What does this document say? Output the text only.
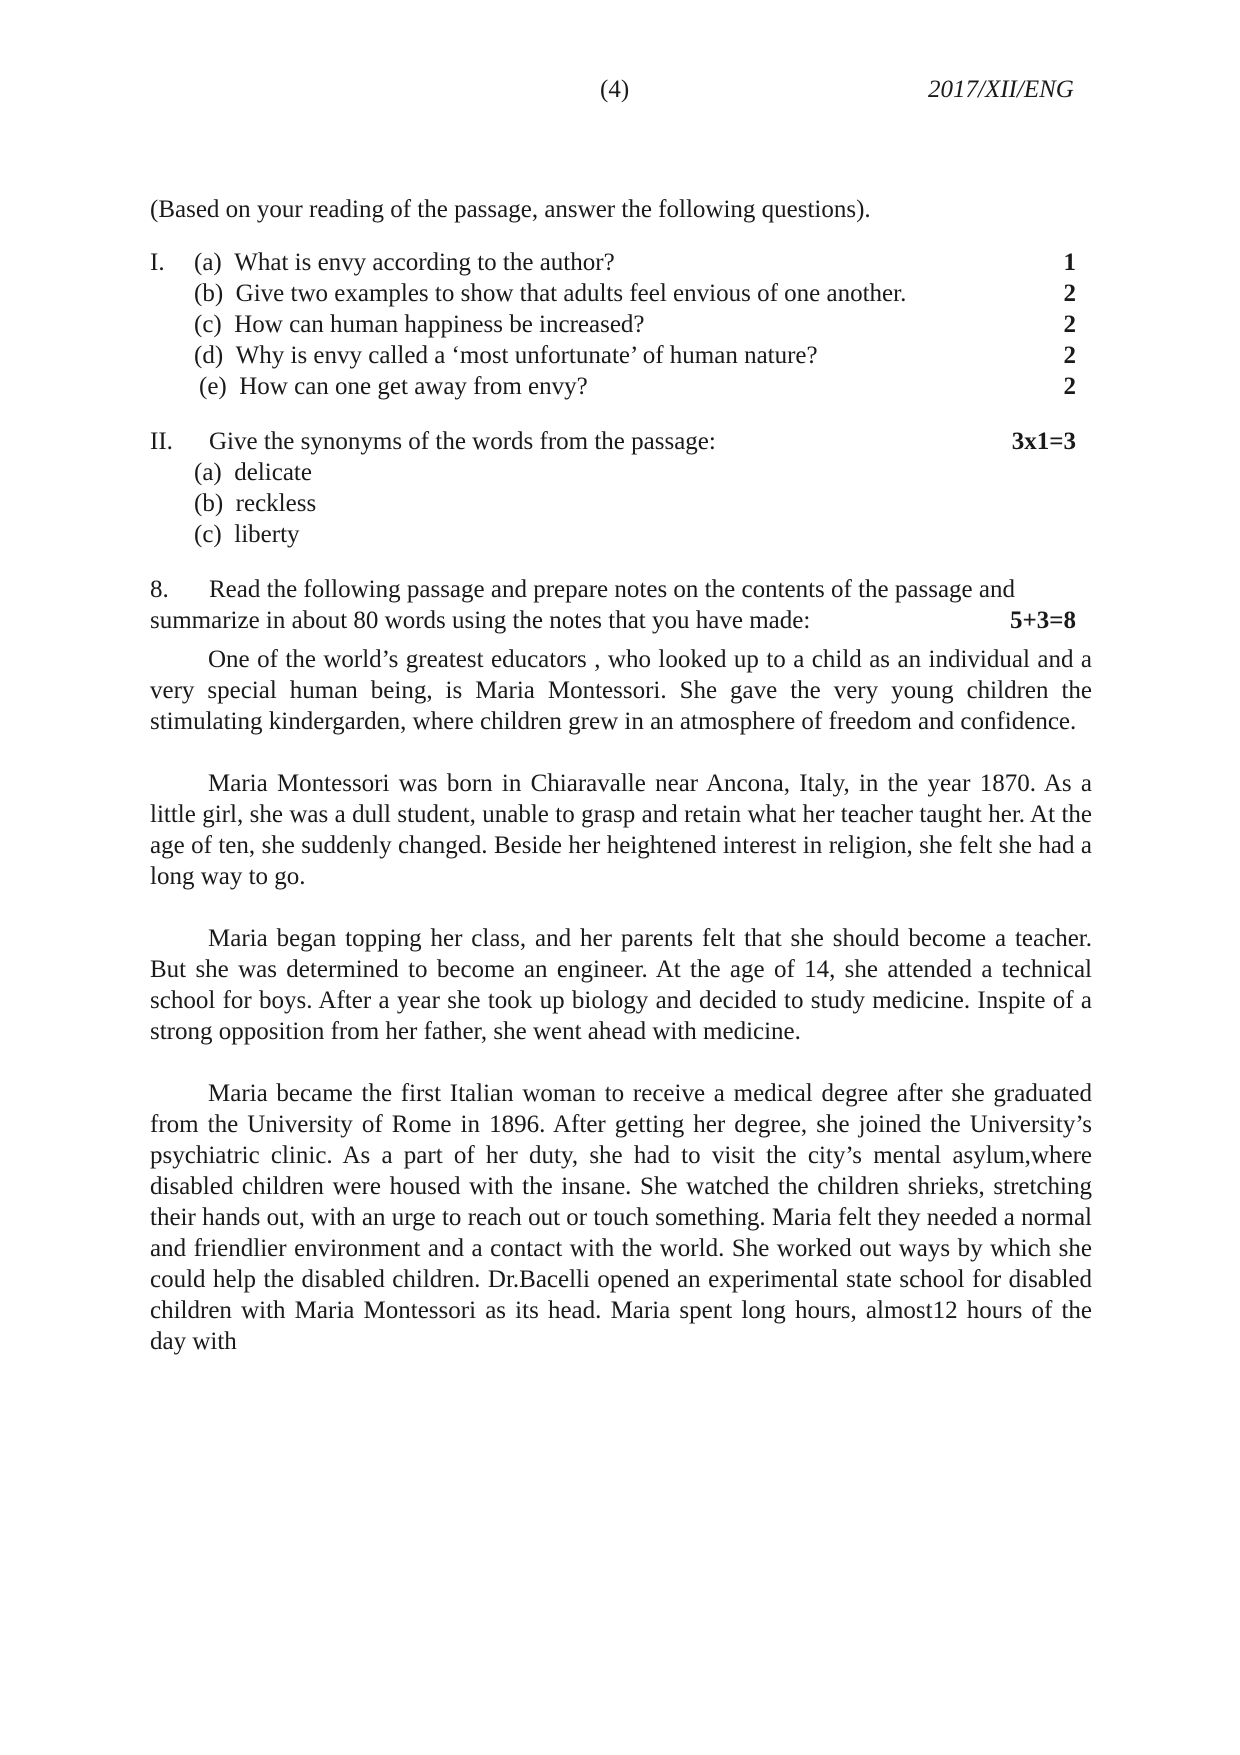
(4)	2017/XII/ENG
(Based on your reading of the passage, answer the following questions).
I. (a) What is envy according to the author?	1
(b) Give two examples to show that adults feel envious of one another.	2
(c) How can human happiness be increased?	2
(d) Why is envy called a ‘most unfortunate’ of human nature?	2
(e) How can one get away from envy?	2
II. Give the synonyms of the words from the passage:	3x1=3
(a) delicate
(b) reckless
(c) liberty
8. Read the following passage and prepare notes on the contents of the passage and
summarize in about 80 words using the notes that you have made:	5+3=8

One of the world’s greatest educators , who looked up to a child as an individual and a very special human being, is Maria Montessori. She gave the very young children the stimulating kindergarden, where children grew in an atmosphere of freedom and confidence.

Maria Montessori was born in Chiaravalle near Ancona, Italy, in the year 1870. As a little girl, she was a dull student, unable to grasp and retain what her teacher taught her. At the age of ten, she suddenly changed. Beside her heightened interest in religion, she felt she had a long way to go.

Maria began topping her class, and her parents felt that she should become a teacher. But she was determined to become an engineer. At the age of 14, she attended a technical school for boys. After a year she took up biology and decided to study medicine. Inspite of a strong opposition from her father, she went ahead with medicine.

Maria became the first Italian woman to receive a medical degree after she graduated from the University of Rome in 1896. After getting her degree, she joined the University’s psychiatric clinic. As a part of her duty, she had to visit the city’s mental asylum,where disabled children were housed with the insane. She watched the children shrieks, stretching their hands out, with an urge to reach out or touch something. Maria felt they needed a normal and friendlier environment and a contact with the world. She worked out ways by which she could help the disabled children. Dr.Bacelli opened an experimental state school for disabled children with Maria Montessori as its head. Maria spent long hours, almost12 hours of the day with
